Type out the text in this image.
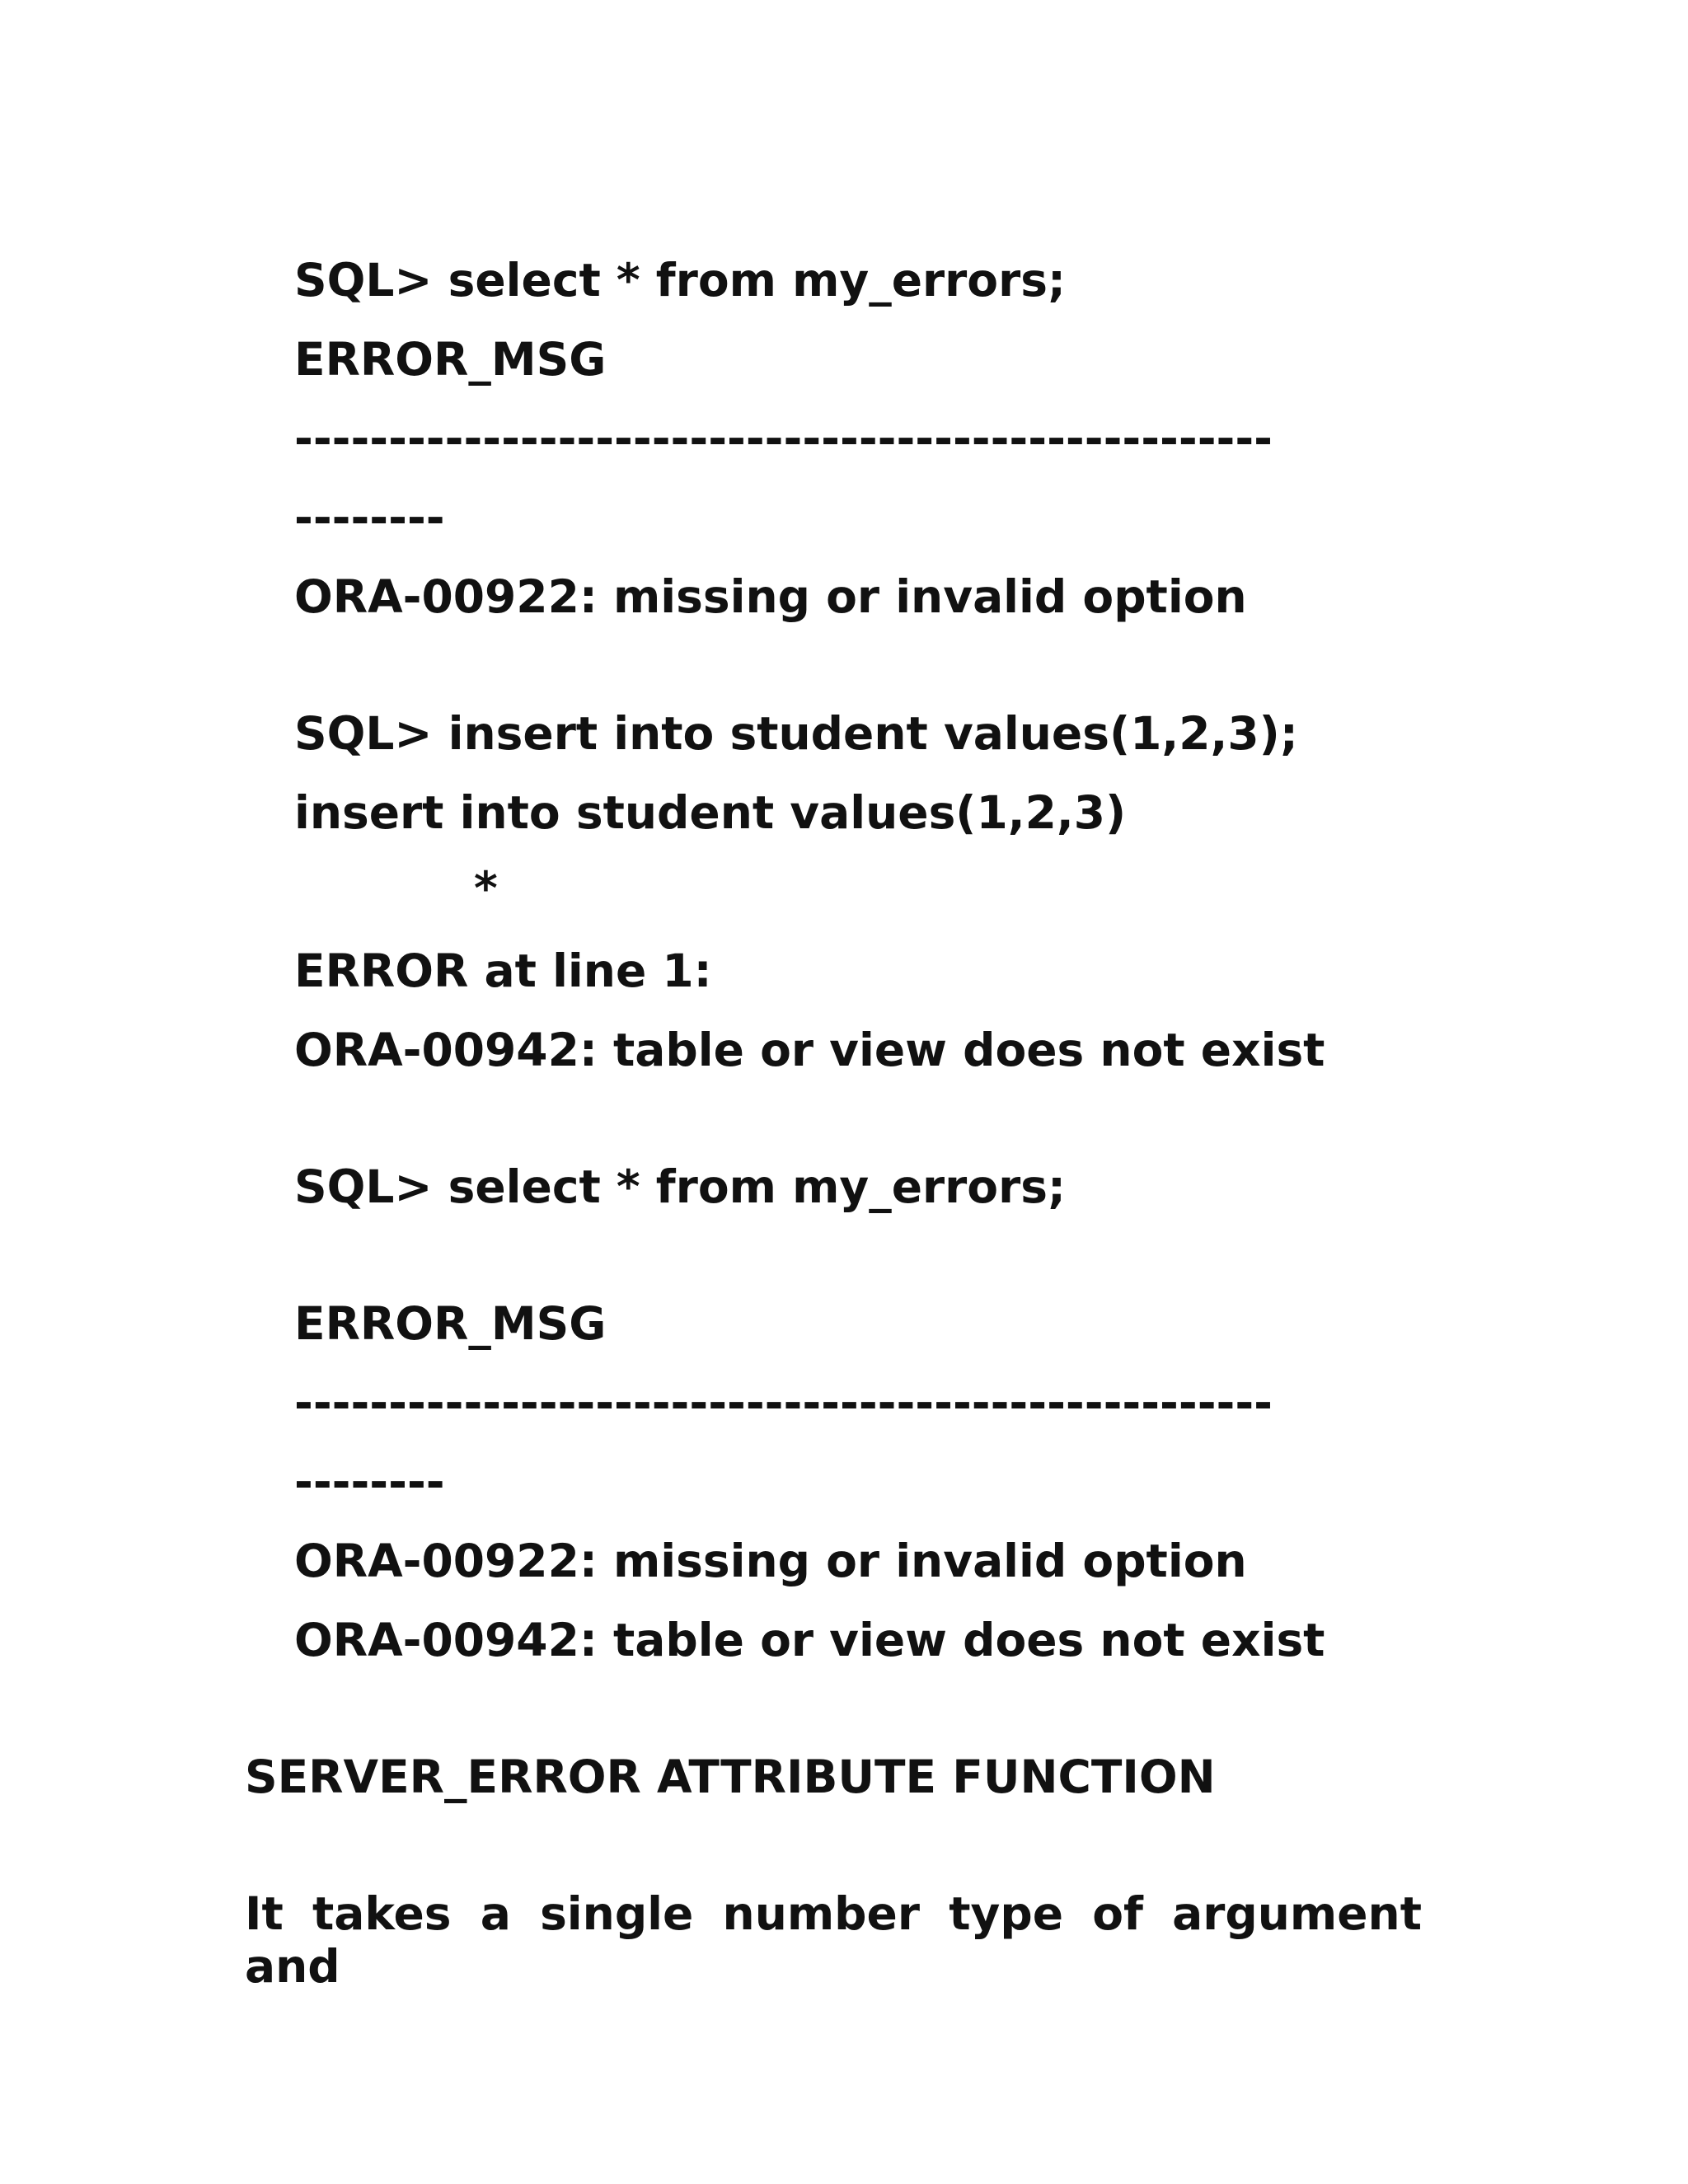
SQL> select * from my_errors;
ERROR_MSG
----------------------------------------------------
--------
ORA-00922: missing or invalid option
SQL> insert into student values(1,2,3);
insert into student values(1,2,3)
*
ERROR at line 1:
ORA-00942: table or view does not exist
SQL> select * from my_errors;
ERROR_MSG
----------------------------------------------------
--------
ORA-00922: missing or invalid option
ORA-00942: table or view does not exist
SERVER_ERROR ATTRIBUTE FUNCTION
It takes a single number type of argument and
